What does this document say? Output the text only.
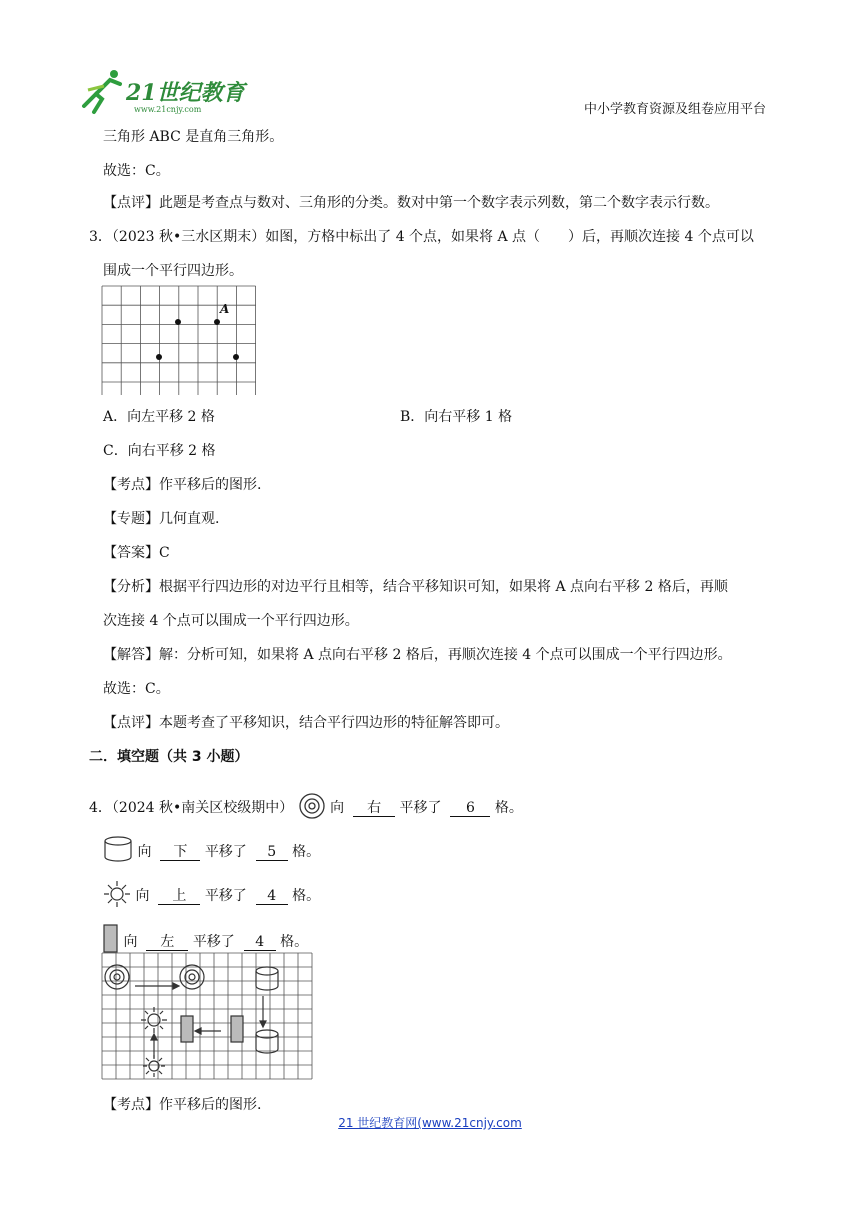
21世纪教育
www.21cnjy.com	中小学教育资源及组卷应用平台
三角形 ABC 是直角三角形。
故选：C。
【点评】此题是考查点与数对、三角形的分类。数对中第一个数字表示列数，第二个数字表示行数。
3．（2023 秋•三水区期末）如图，方格中标出了 4 个点，如果将 A 点（　　）后，再顺次连接 4 个点可以
围成一个平行四边形。
A
A．向左平移 2 格	B．向右平移 1 格
C．向右平移 2 格
【考点】作平移后的图形.
【专题】几何直观.
【答案】C
【分析】根据平行四边形的对边平行且相等，结合平移知识可知，如果将 A 点向右平移 2 格后，再顺
次连接 4 个点可以围成一个平行四边形。
【解答】解：分析可知，如果将 A 点向右平移 2 格后，再顺次连接 4 个点可以围成一个平行四边形。
故选：C。
【点评】本题考查了平移知识，结合平行四边形的特征解答即可。
二．填空题（共 3 小题）
4．（2024 秋•南关区校级期中）	向 右 平移了 6 格。
向 下 平移了 5 格。
向 上 平移了 4 格。
向 左 平移了 4 格。
【考点】作平移后的图形.
21 世纪教育网(www.21cnjy.com
